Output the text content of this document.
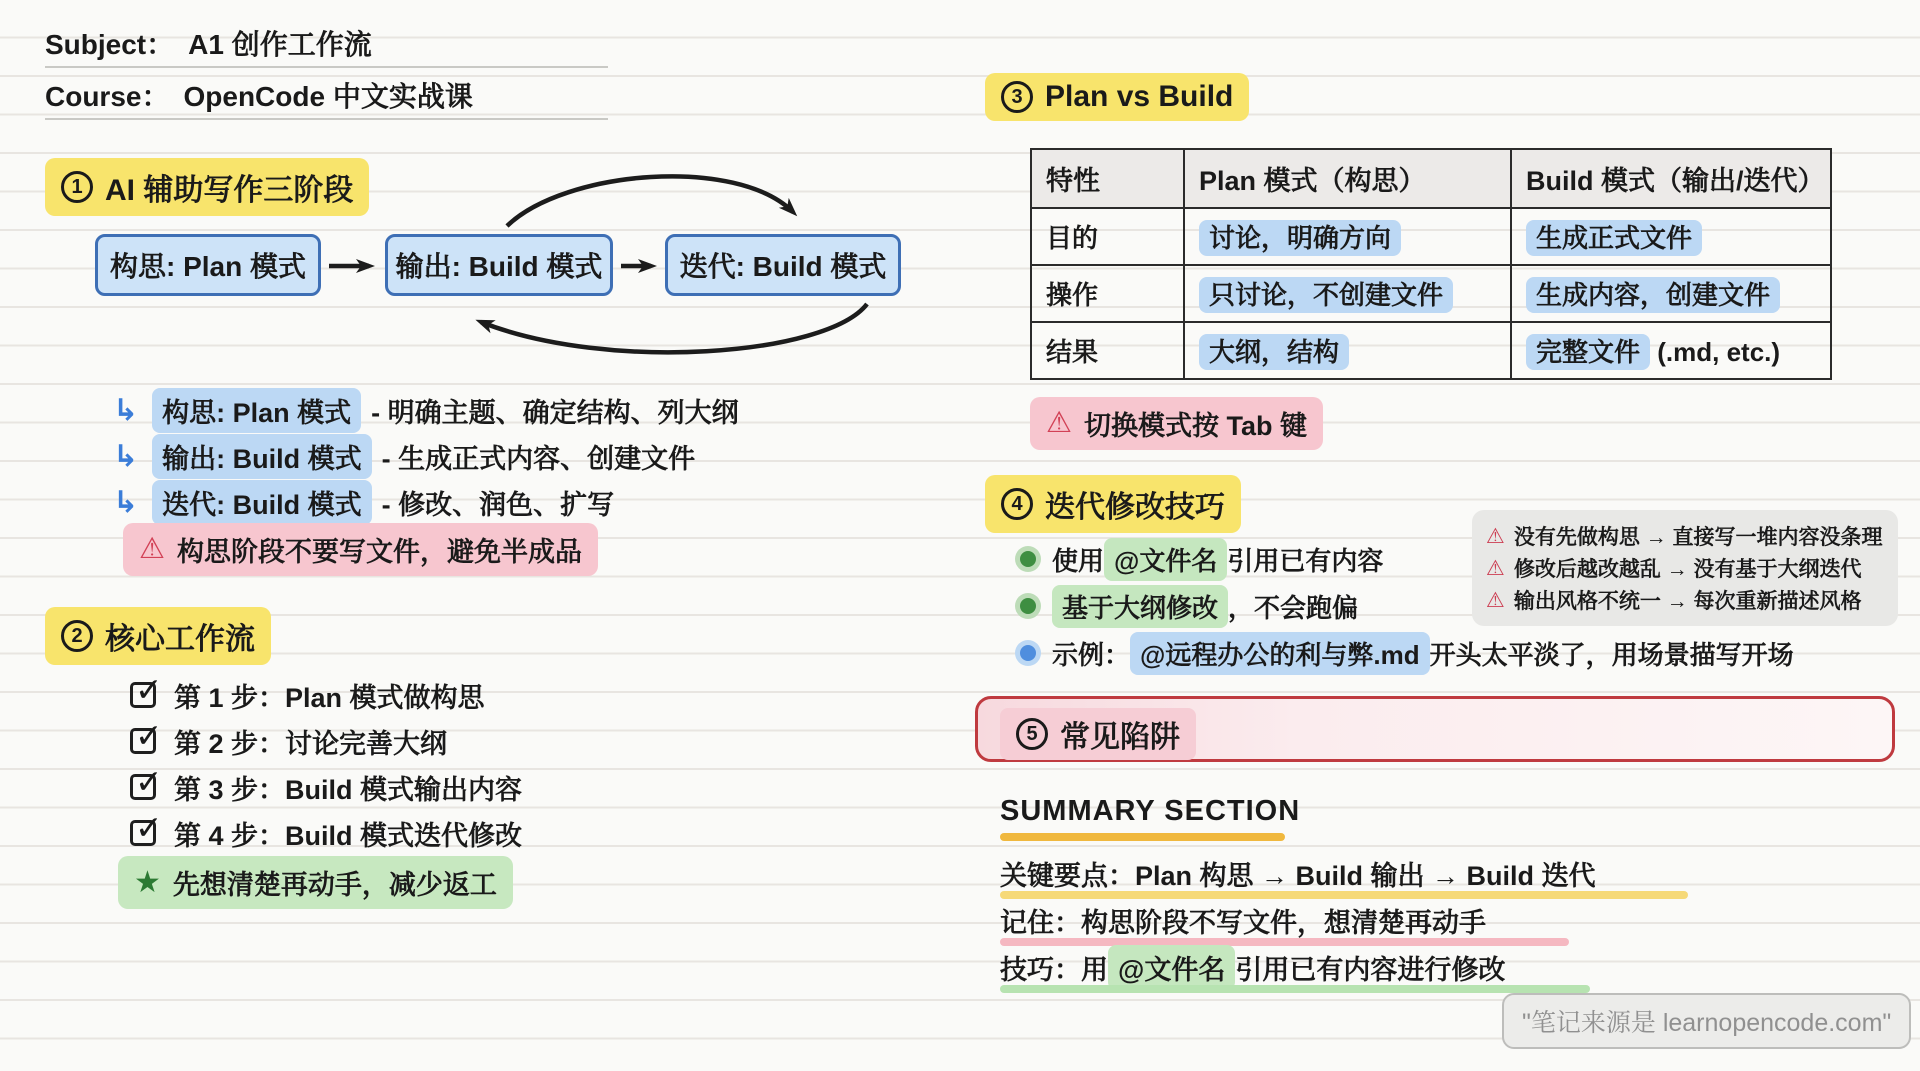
Subject： A1 创作工作流
Course： OpenCode 中文实战课
1 AI 辅助写作三阶段
构思: Plan 模式	输出: Build 模式	迭代: Build 模式
↳ 构思: Plan 模式 - 明确主题、确定结构、列大纲
↳ 输出: Build 模式 - 生成正式内容、创建文件
↳ 迭代: Build 模式 - 修改、润色、扩写
⚠ 构思阶段不要写文件，避免半成品
2 核心工作流
✓ 第 1 步：Plan 模式做构思
✓ 第 2 步：讨论完善大纲
✓ 第 3 步：Build 模式输出内容
✓ 第 4 步：Build 模式迭代修改
★ 先想清楚再动手，减少返工
3 Plan vs Build
特性	Plan 模式（构思）	Build 模式（输出/迭代）
目的	讨论，明确方向	生成正式文件
操作	只讨论，不创建文件	生成内容，创建文件
结果	大纲，结构	完整文件 (.md, etc.)
⚠ 切换模式按 Tab 键
4 迭代修改技巧
⚠ 没有先做构思 → 直接写一堆内容没条理
⚠ 修改后越改越乱 → 没有基于大纲迭代
⚠ 输出风格不统一 → 每次重新描述风格
使用 @文件名 引用已有内容
基于大纲修改 ，不会跑偏
示例： @远程办公的利与弊.md 开头太平淡了，用场景描写开场
5 常见陷阱
SUMMARY SECTION
关键要点：Plan 构思 → Build 输出 → Build 迭代
记住：构思阶段不写文件，想清楚再动手
技巧：用 @文件名 引用已有内容进行修改
"笔记来源是 learnopencode.com"
